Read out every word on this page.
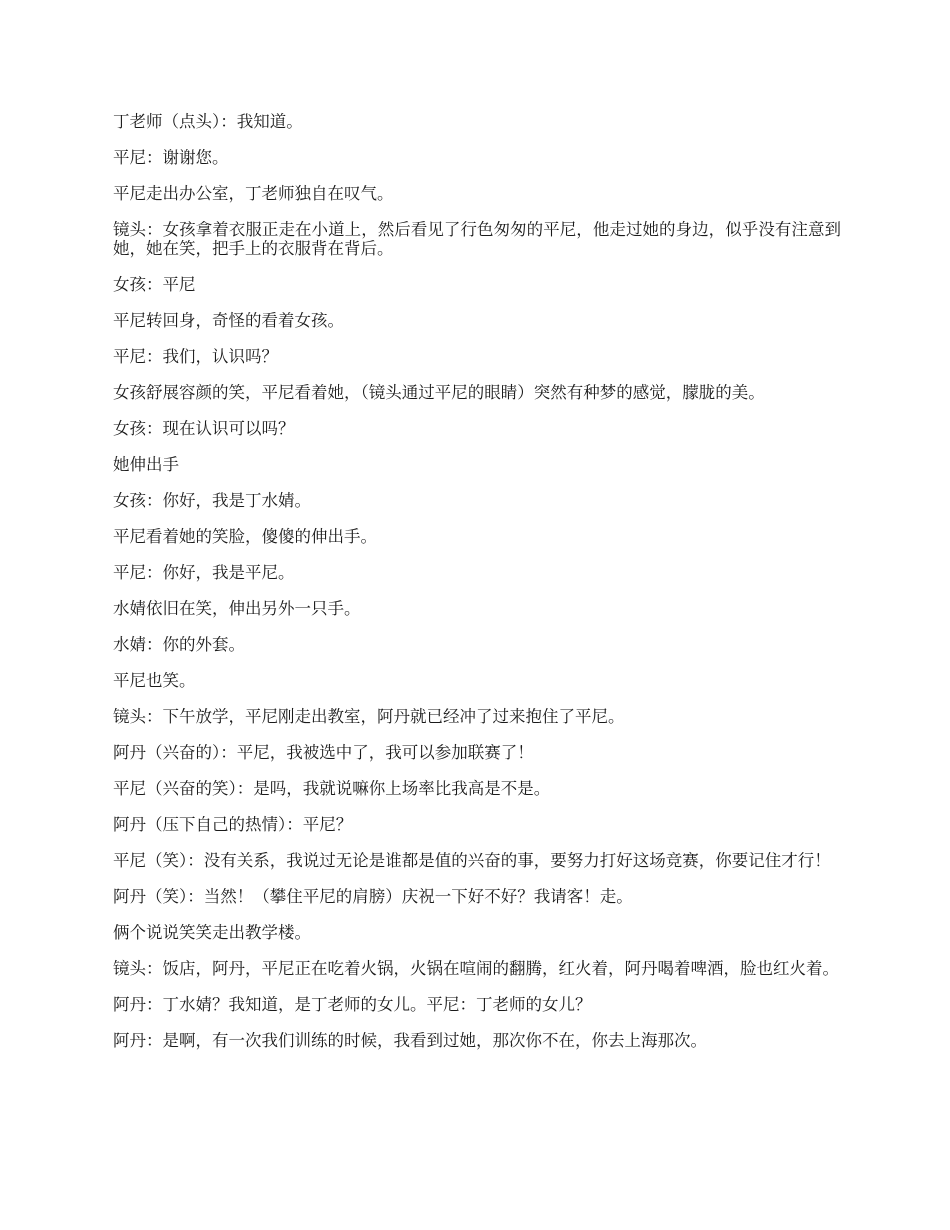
丁老师（点头）：我知道。

平尼：谢谢您。

平尼走出办公室，丁老师独自在叹气。

镜头：女孩拿着衣服正走在小道上，然后看见了行色匆匆的平尼，他走过她的身边，似乎没有注意到她，她在笑，把手上的衣服背在背后。

女孩：平尼

平尼转回身，奇怪的看着女孩。

平尼：我们，认识吗？

女孩舒展容颜的笑，平尼看着她，（镜头通过平尼的眼睛）突然有种梦的感觉，朦胧的美。

女孩：现在认识可以吗？

她伸出手

女孩：你好，我是丁水婧。

平尼看着她的笑脸，傻傻的伸出手。

平尼：你好，我是平尼。

水婧依旧在笑，伸出另外一只手。

水婧：你的外套。

平尼也笑。

镜头：下午放学，平尼刚走出教室，阿丹就已经冲了过来抱住了平尼。

阿丹（兴奋的）：平尼，我被选中了，我可以参加联赛了！

平尼（兴奋的笑）：是吗，我就说嘛你上场率比我高是不是。

阿丹（压下自己的热情）：平尼？

平尼（笑）：没有关系，我说过无论是谁都是值的兴奋的事，要努力打好这场竞赛，你要记住才行！

阿丹（笑）：当然！（攀住平尼的肩膀）庆祝一下好不好？我请客！走。

俩个说说笑笑走出教学楼。

镜头：饭店，阿丹，平尼正在吃着火锅，火锅在喧闹的翻腾，红火着，阿丹喝着啤酒，脸也红火着。

阿丹：丁水婧？我知道，是丁老师的女儿。平尼：丁老师的女儿？

阿丹：是啊，有一次我们训练的时候，我看到过她，那次你不在，你去上海那次。
